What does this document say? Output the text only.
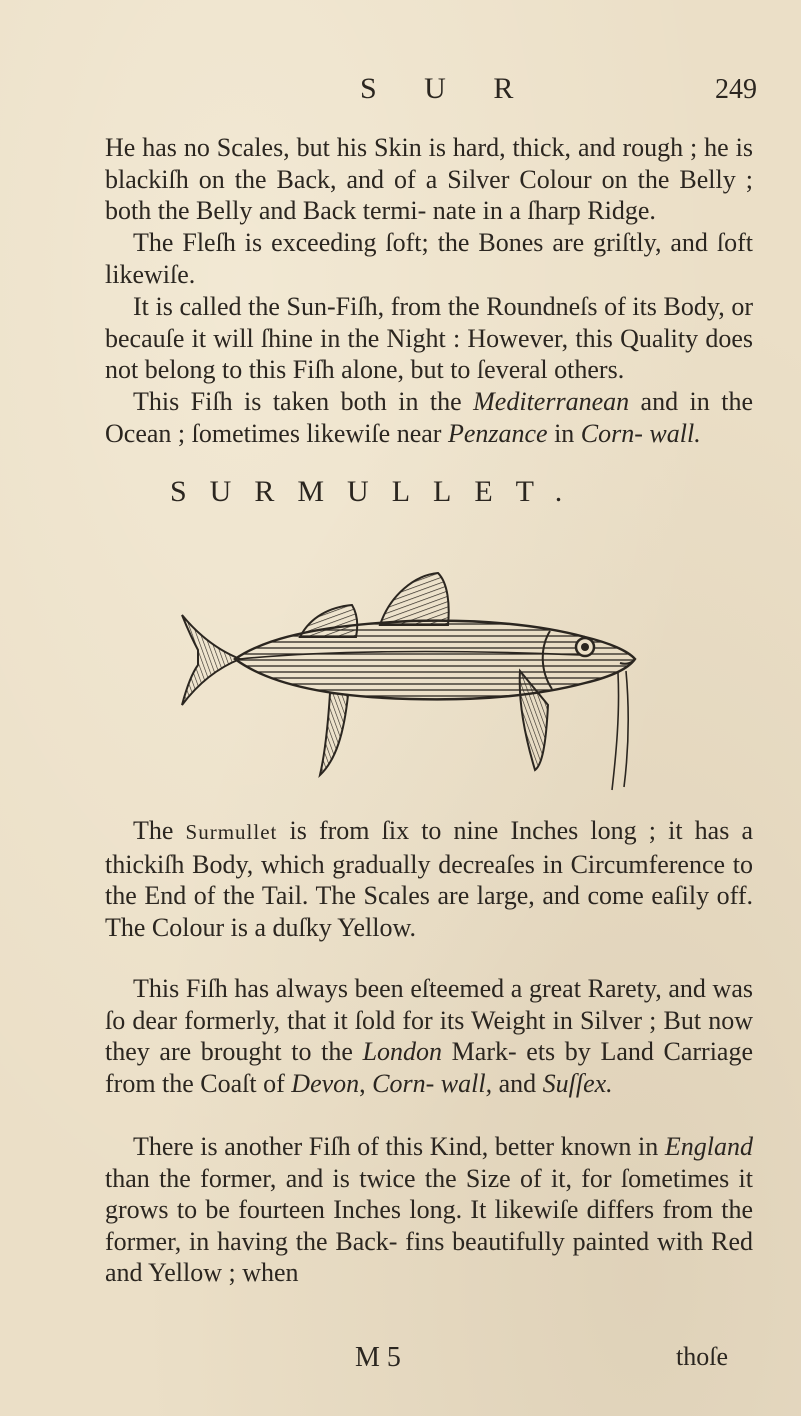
S U R	249

He has no Scales, but his Skin is hard, thick, and rough ; he is blackiſh on the Back, and of a Silver Colour on the Belly ; both the Belly and Back termi- nate in a ſharp Ridge.

The Fleſh is exceeding ſoft; the Bones are griſtly, and ſoft likewiſe.

It is called the Sun-Fiſh, from the Roundneſs of its Body, or becauſe it will ſhine in the Night : However, this Quality does not belong to this Fiſh alone, but to ſeveral others.

This Fiſh is taken both in the Mediterranean and in the Ocean ; ſometimes likewiſe near Penzance in Corn- wall.

SURMULLET.

The Surmullet is from ſix to nine Inches long ; it has a thickiſh Body, which gradually decreaſes in Circumference to the End of the Tail. The Scales are large, and come eaſily off. The Colour is a duſky Yellow.

This Fiſh has always been eſteemed a great Rarety, and was ſo dear formerly, that it ſold for its Weight in Silver ; But now they are brought to the London Mark- ets by Land Carriage from the Coaſt of Devon, Corn- wall, and Suſſex.

There is another Fiſh of this Kind, better known in England than the former, and is twice the Size of it, for ſometimes it grows to be fourteen Inches long. It likewiſe differs from the former, in having the Back- fins beautifully painted with Red and Yellow ; when

M 5	thoſe
